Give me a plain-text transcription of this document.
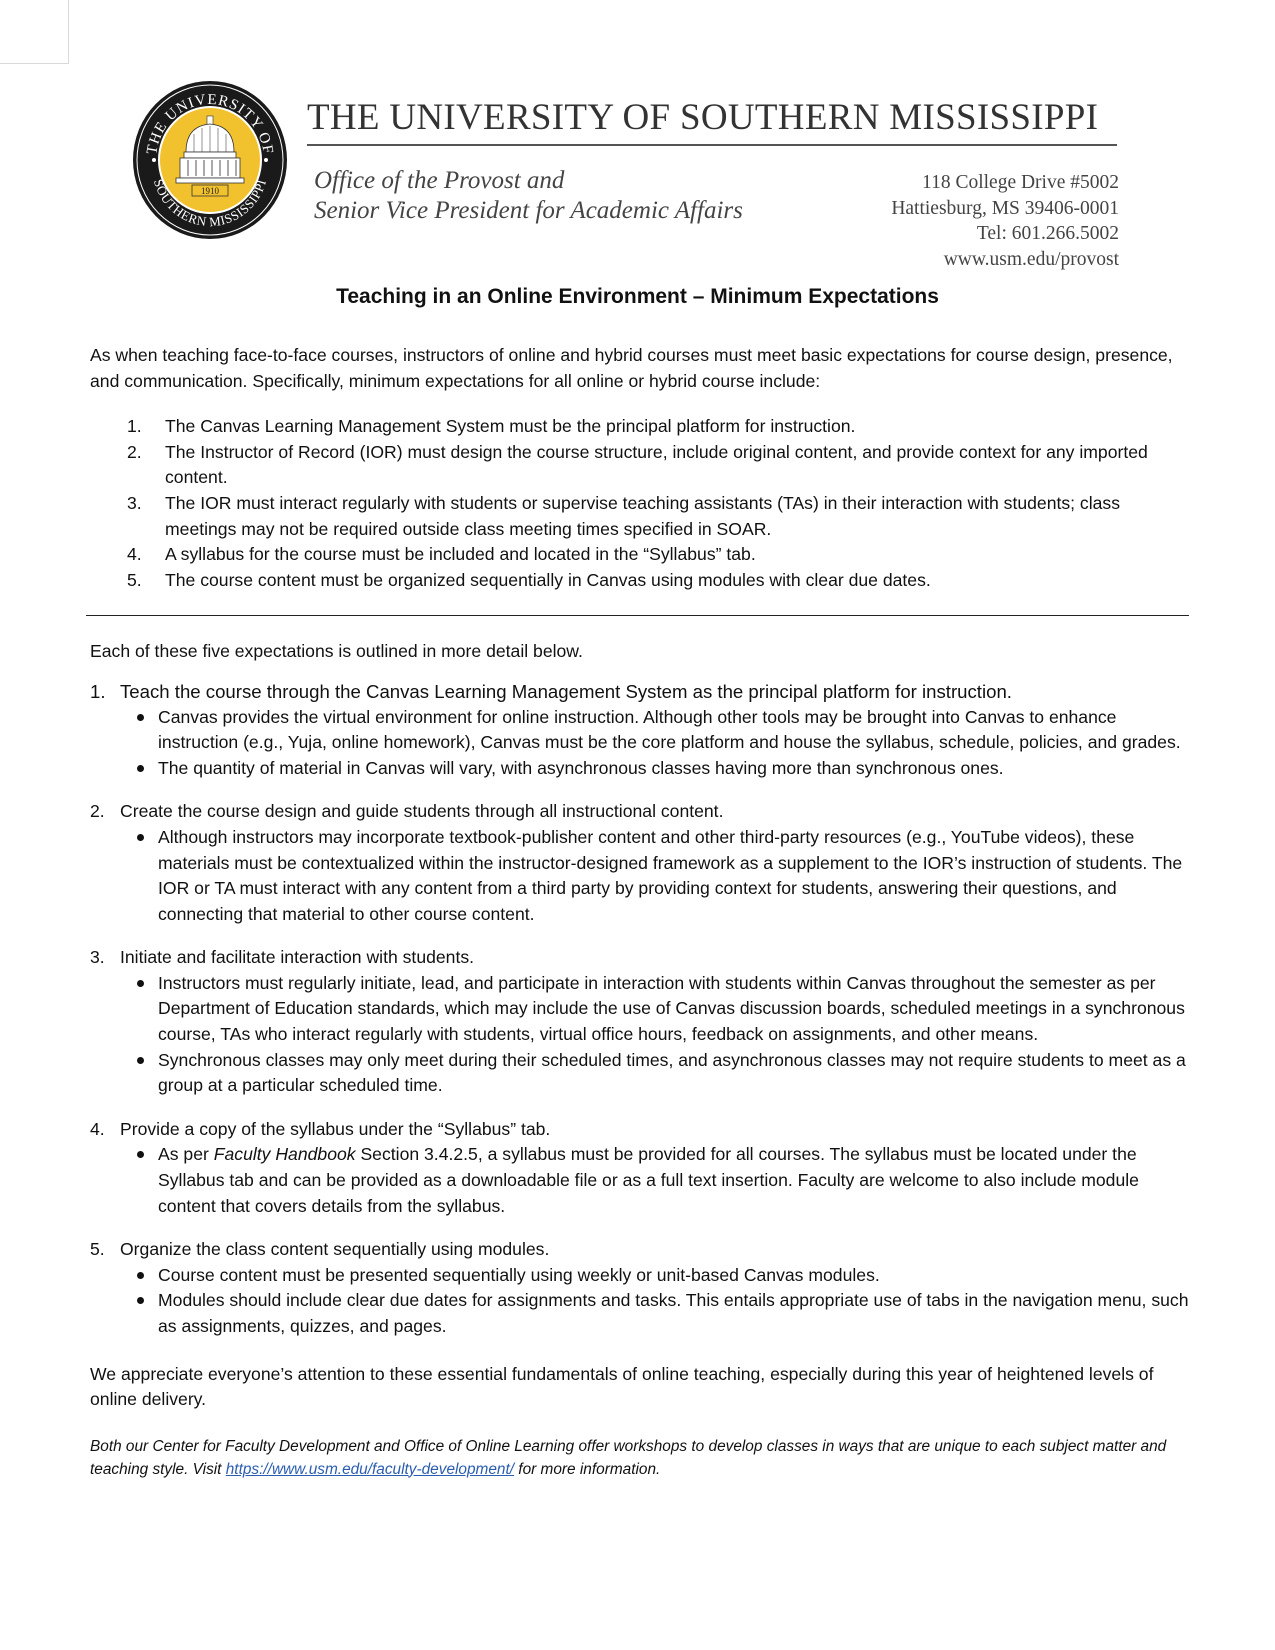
THE UNIVERSITY OF
SOUTHERN MISSISSIPPI
1910
THE UNIVERSITY OF SOUTHERN MISSISSIPPI
Office of the Provost and
Senior Vice President for Academic Affairs
118 College Drive #5002
Hattiesburg, MS 39406-0001
Tel: 601.266.5002
www.usm.edu/provost
Teaching in an Online Environment – Minimum Expectations

As when teaching face-to-face courses, instructors of online and hybrid courses must meet basic expectations for course design, presence, and communication. Specifically, minimum expectations for all online or hybrid course include:

1. The Canvas Learning Management System must be the principal platform for instruction.
2. The Instructor of Record (IOR) must design the course structure, include original content, and provide context for any imported content.
3. The IOR must interact regularly with students or supervise teaching assistants (TAs) in their interaction with students; class meetings may not be required outside class meeting times specified in SOAR.
4. A syllabus for the course must be included and located in the “Syllabus” tab.
5. The course content must be organized sequentially in Canvas using modules with clear due dates.

Each of these five expectations is outlined in more detail below.

1. Teach the course through the Canvas Learning Management System as the principal platform for instruction.
Canvas provides the virtual environment for online instruction. Although other tools may be brought into Canvas to enhance instruction (e.g., Yuja, online homework), Canvas must be the core platform and house the syllabus, schedule, policies, and grades.
The quantity of material in Canvas will vary, with asynchronous classes having more than synchronous ones.
2. Create the course design and guide students through all instructional content.
Although instructors may incorporate textbook-publisher content and other third-party resources (e.g., YouTube videos), these materials must be contextualized within the instructor-designed framework as a supplement to the IOR’s instruction of students. The IOR or TA must interact with any content from a third party by providing context for students, answering their questions, and connecting that material to other course content.
3. Initiate and facilitate interaction with students.
Instructors must regularly initiate, lead, and participate in interaction with students within Canvas throughout the semester as per Department of Education standards, which may include the use of Canvas discussion boards, scheduled meetings in a synchronous course, TAs who interact regularly with students, virtual office hours, feedback on assignments, and other means.
Synchronous classes may only meet during their scheduled times, and asynchronous classes may not require students to meet as a group at a particular scheduled time.
4. Provide a copy of the syllabus under the “Syllabus” tab.
As per Faculty Handbook Section 3.4.2.5, a syllabus must be provided for all courses. The syllabus must be located under the Syllabus tab and can be provided as a downloadable file or as a full text insertion. Faculty are welcome to also include module content that covers details from the syllabus.
5. Organize the class content sequentially using modules.
Course content must be presented sequentially using weekly or unit-based Canvas modules.
Modules should include clear due dates for assignments and tasks. This entails appropriate use of tabs in the navigation menu, such as assignments, quizzes, and pages.

We appreciate everyone’s attention to these essential fundamentals of online teaching, especially during this year of heightened levels of online delivery.

Both our Center for Faculty Development and Office of Online Learning offer workshops to develop classes in ways that are unique to each subject matter and teaching style. Visit https://www.usm.edu/faculty-development/ for more information.
